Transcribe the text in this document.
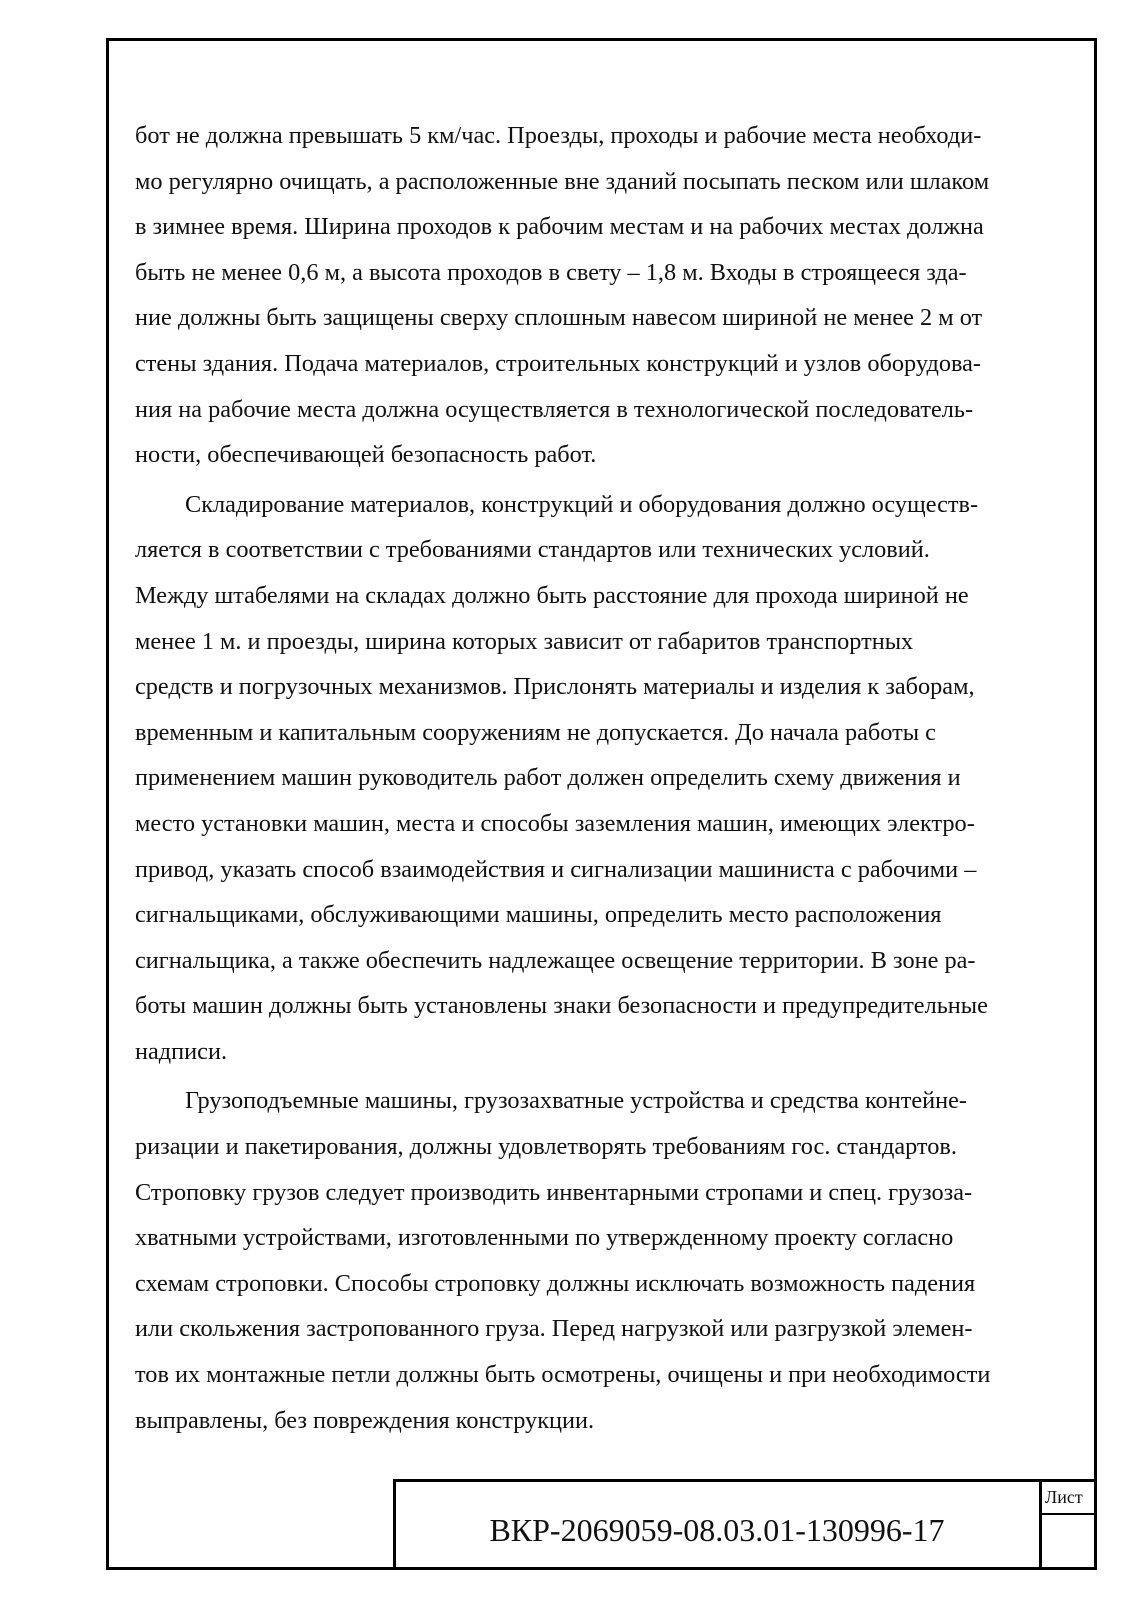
бот не должна превышать 5 км/час. Проезды, проходы и рабочие места необходи-
мо регулярно очищать, а расположенные вне зданий посыпать песком или шлаком
в зимнее время. Ширина проходов к рабочим местам и на рабочих местах должна
быть не менее 0,6 м, а высота проходов в свету – 1,8 м. Входы в строящееся зда-
ние должны быть защищены сверху сплошным навесом шириной не менее 2 м от
стены здания. Подача материалов, строительных конструкций и узлов оборудова-
ния на рабочие места должна осуществляется в технологической последователь-
ности, обеспечивающей безопасность работ.
Складирование материалов, конструкций и оборудования должно осуществ-
ляется в соответствии с требованиями стандартов или технических условий.
Между штабелями на складах должно быть расстояние для прохода шириной не
менее 1 м. и проезды, ширина которых зависит от габаритов транспортных
средств и погрузочных механизмов. Прислонять материалы и изделия к заборам,
временным и капитальным сооружениям не допускается. До начала работы с
применением машин руководитель работ должен определить схему движения и
место установки машин, места и способы заземления машин, имеющих электро-
привод, указать способ взаимодействия и сигнализации машиниста с рабочими –
сигнальщиками, обслуживающими машины, определить место расположения
сигнальщика, а также обеспечить надлежащее освещение территории. В зоне ра-
боты машин должны быть установлены знаки безопасности и предупредительные
надписи.
Грузоподъемные машины, грузозахватные устройства и средства контейне-
ризации и пакетирования, должны удовлетворять требованиям гос. стандартов.
Строповку грузов следует производить инвентарными стропами и спец. грузоза-
хватными устройствами, изготовленными по утвержденному проекту согласно
схемам строповки. Способы строповку должны исключать возможность падения
или скольжения застропованного груза. Перед нагрузкой или разгрузкой элемен-
тов их монтажные петли должны быть осмотрены, очищены и при необходимости
выправлены, без повреждения конструкции.
ВКР-2069059-08.03.01-130996-17
Лист
